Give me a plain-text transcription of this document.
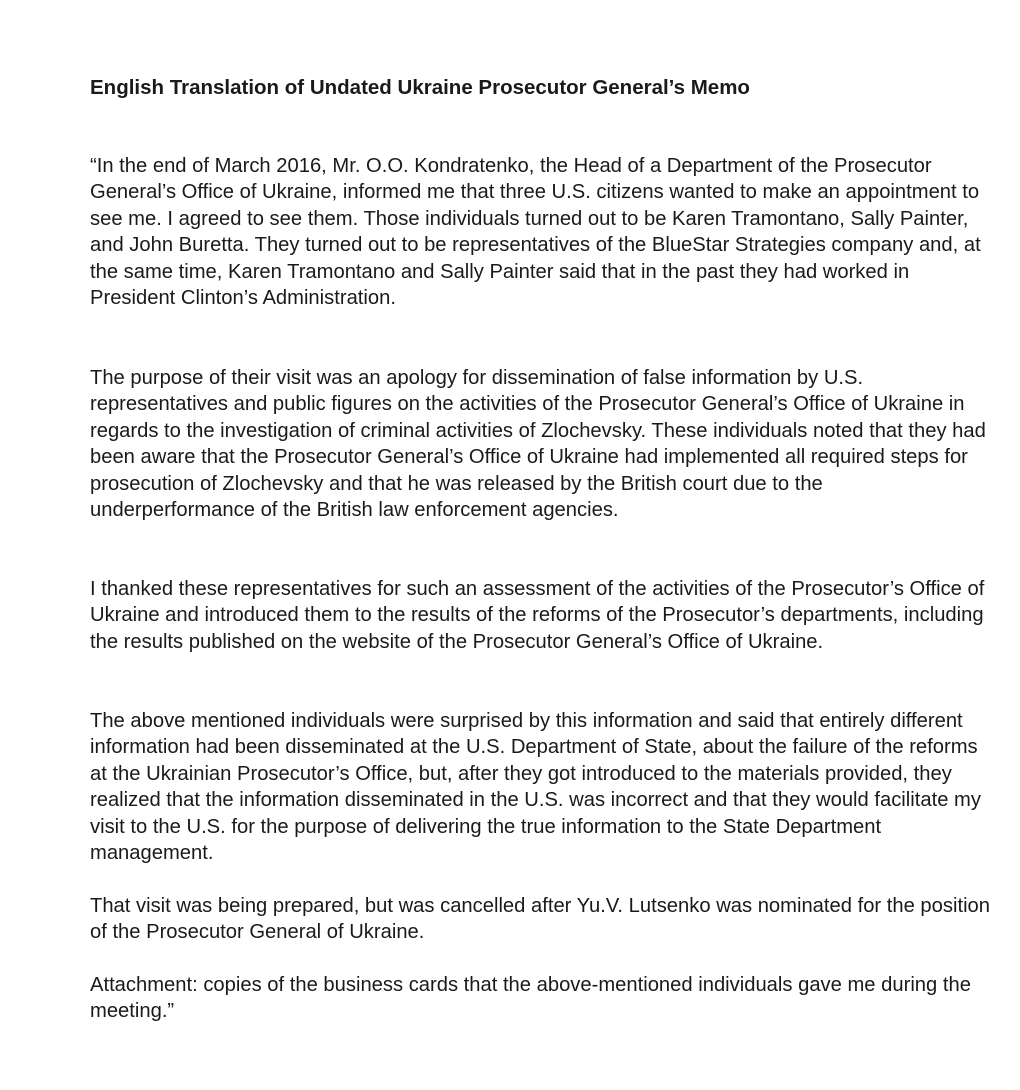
English Translation of Undated Ukraine Prosecutor General’s Memo

“In the end of March 2016, Mr. O.O. Kondratenko, the Head of a Department of the Prosecutor General’s Office of Ukraine, informed me that three U.S. citizens wanted to make an appointment to see me. I agreed to see them. Those individuals turned out to be Karen Tramontano, Sally Painter, and John Buretta. They turned out to be representatives of the BlueStar Strategies company and, at the same time, Karen Tramontano and Sally Painter said that in the past they had worked in President Clinton’s Administration.

The purpose of their visit was an apology for dissemination of false information by U.S. representatives and public figures on the activities of the Prosecutor General’s Office of Ukraine in regards to the investigation of criminal activities of Zlochevsky. These individuals noted that they had been aware that the Prosecutor General’s Office of Ukraine had implemented all required steps for prosecution of Zlochevsky and that he was released by the British court due to the underperformance of the British law enforcement agencies.

I thanked these representatives for such an assessment of the activities of the Prosecutor’s Office of Ukraine and introduced them to the results of the reforms of the Prosecutor’s departments, including the results published on the website of the Prosecutor General’s Office of Ukraine.

The above mentioned individuals were surprised by this information and said that entirely different information had been disseminated at the U.S. Department of State, about the failure of the reforms at the Ukrainian Prosecutor’s Office, but, after they got introduced to the materials provided, they realized that the information disseminated in the U.S. was incorrect and that they would facilitate my visit to the U.S. for the purpose of delivering the true information to the State Department management.

That visit was being prepared, but was cancelled after Yu.V. Lutsenko was nominated for the position of the Prosecutor General of Ukraine.

Attachment: copies of the business cards that the above-mentioned individuals gave me during the meeting.”
